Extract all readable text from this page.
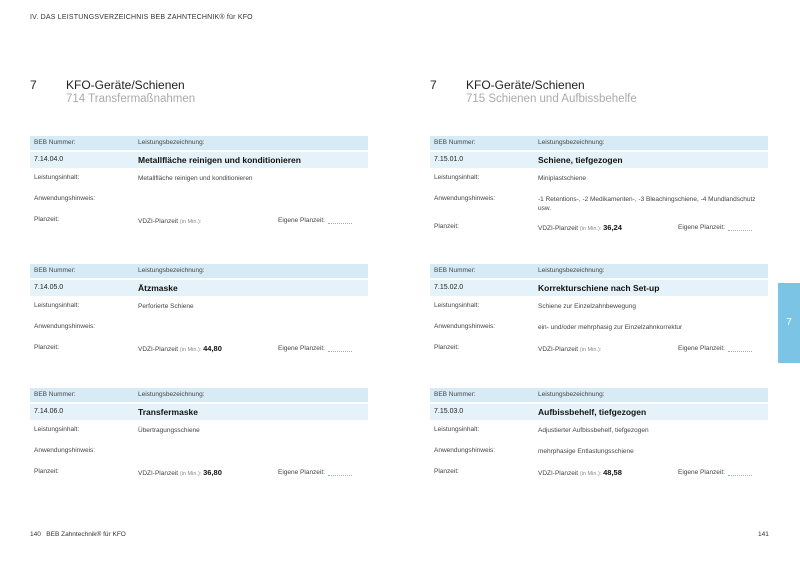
IV. DAS LEISTUNGSVERZEICHNIS BEB ZAHNTECHNIK® für KFO
7 KFO-Geräte/Schienen
714 Transfermaßnahmen
BEB Nummer:	Leistungsbezeichnung:
7.14.04.0	Metallfläche reinigen und konditionieren
Leistungsinhalt:	Metallfläche reinigen und konditionieren
Anwendungshinweis:
Planzeit:	VDZI-Planzeit (in Min.):	Eigene Planzeit:
BEB Nummer:	Leistungsbezeichnung:
7.14.05.0	Ätzmaske
Leistungsinhalt:	Perforierte Schiene
Anwendungshinweis:
Planzeit:	VDZI-Planzeit (in Min.): 44,80	Eigene Planzeit:
BEB Nummer:	Leistungsbezeichnung:
7.14.06.0	Transfermaske
Leistungsinhalt:	Übertragungsschiene
Anwendungshinweis:
Planzeit:	VDZI-Planzeit (in Min.): 36,80	Eigene Planzeit:
7 KFO-Geräte/Schienen
715 Schienen und Aufbissbehelfe
BEB Nummer:	Leistungsbezeichnung:
7.15.01.0	Schiene, tiefgezogen
Leistungsinhalt:	Miniplastschiene
Anwendungshinweis:	-1 Retentions-, -2 Medikamenten-, -3 Bleachingschiene, -4 Mundlandschutz usw.
Planzeit:	VDZI-Planzeit (in Min.): 36,24	Eigene Planzeit:
BEB Nummer:	Leistungsbezeichnung:
7.15.02.0	Korrekturschiene nach Set-up
Leistungsinhalt:	Schiene zur Einzelzahnbewegung
Anwendungshinweis:	ein- und/oder mehrphasig zur Einzelzahnkorrektur
Planzeit:	VDZI-Planzeit (in Min.):	Eigene Planzeit:
BEB Nummer:	Leistungsbezeichnung:
7.15.03.0	Aufbissbehelf, tiefgezogen
Leistungsinhalt:	Adjustierter Aufbissbehelf, tiefgezogen
Anwendungshinweis:	mehrphasige Entlastungsschiene
Planzeit:	VDZI-Planzeit (in Min.): 48,58	Eigene Planzeit:
7
140 BEB Zahntechnik® für KFO	141
